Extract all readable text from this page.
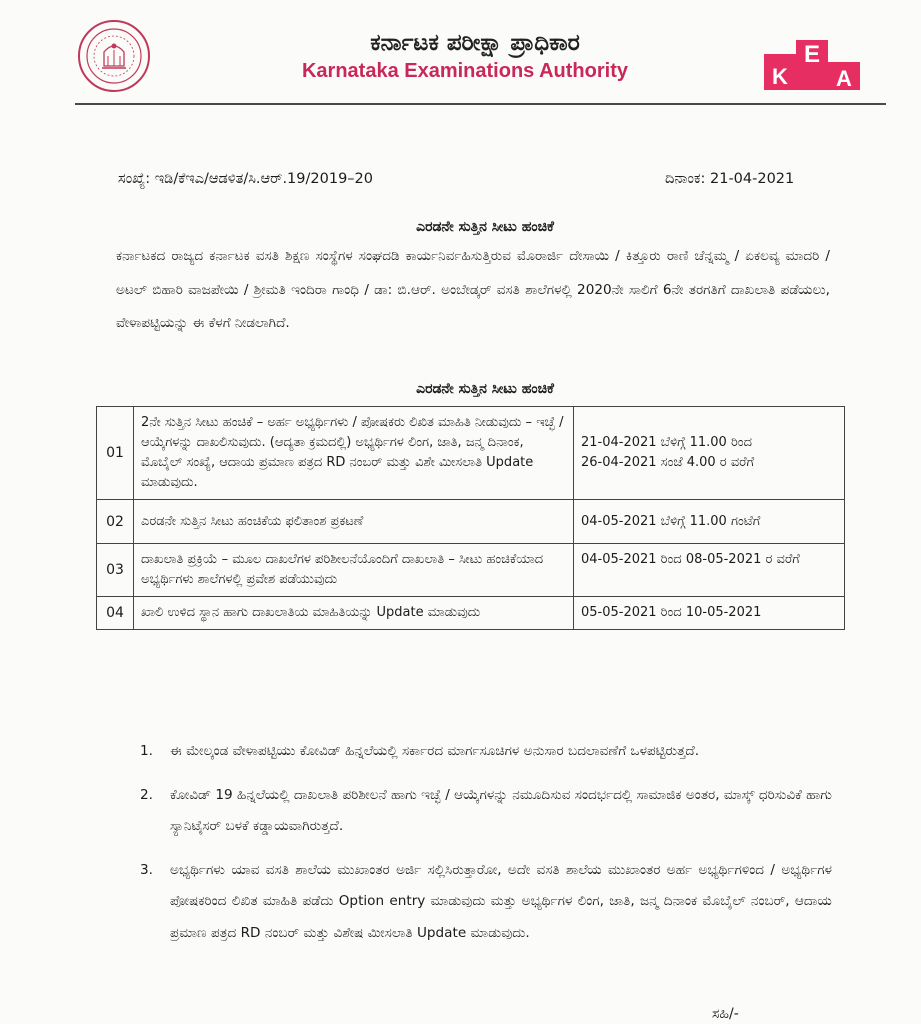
ಕರ್ನಾಟಕ ಪರೀಕ್ಷಾ ಪ್ರಾಧಿಕಾರ
Karnataka Examinations Authority	K
E
A
ಸಂಖ್ಯೆ: ಇಡಿ/ಕೆಇಎ/ಆಡಳಿತ/ಸಿ.ಆರ್.19/2019–20	ದಿನಾಂಕ: 21-04-2021
ಎರಡನೇ ಸುತ್ತಿನ ಸೀಟು ಹಂಚಿಕೆ
ಕರ್ನಾಟಕದ ರಾಜ್ಯದ ಕರ್ನಾಟಕ ವಸತಿ ಶಿಕ್ಷಣ ಸಂಸ್ಥೆಗಳ ಸಂಘದಡಿ ಕಾರ್ಯನಿರ್ವಹಿಸುತ್ತಿರುವ ಮೊರಾರ್ಜಿ ದೇಸಾಯಿ / ಕಿತ್ತೂರು ರಾಣಿ ಚೆನ್ನಮ್ಮ / ಏಕಲವ್ಯ ಮಾದರಿ / ಅಟಲ್ ಬಿಹಾರಿ ವಾಜಪೇಯಿ / ಶ್ರೀಮತಿ ಇಂದಿರಾ ಗಾಂಧಿ / ಡಾ: ಬಿ.ಆರ್. ಅಂಬೇಡ್ಕರ್ ವಸತಿ ಶಾಲೆಗಳಲ್ಲಿ 2020ನೇ ಸಾಲಿಗೆ 6ನೇ ತರಗತಿಗೆ ದಾಖಲಾತಿ ಪಡೆಯಲು, ವೇಳಾಪಟ್ಟಿಯನ್ನು ಈ ಕೆಳಗೆ ನೀಡಲಾಗಿದೆ.
ಎರಡನೇ ಸುತ್ತಿನ ಸೀಟು ಹಂಚಿಕೆ
01	2ನೇ ಸುತ್ತಿನ ಸೀಟು ಹಂಚಿಕೆ – ಅರ್ಹ ಅಭ್ಯರ್ಥಿಗಳು / ಪೋಷಕರು ಲಿಖಿತ ಮಾಹಿತಿ ನೀಡುವುದು – ಇಚ್ಛೆ / ಆಯ್ಕೆಗಳನ್ನು ದಾಖಲಿಸುವುದು. (ಆದ್ಯತಾ ಕ್ರಮದಲ್ಲಿ) ಅಭ್ಯರ್ಥಿಗಳ ಲಿಂಗ, ಜಾತಿ, ಜನ್ಮ ದಿನಾಂಕ, ಮೊಬೈಲ್ ಸಂಖ್ಯೆ, ಆದಾಯ ಪ್ರಮಾಣ ಪತ್ರದ RD ನಂಬರ್ ಮತ್ತು ವಿಶೇ ಮೀಸಲಾತಿ Update ಮಾಡುವುದು.	21-04-2021 ಬೆಳಿಗ್ಗೆ 11.00 ರಿಂದ
26-04-2021 ಸಂಜೆ 4.00 ರ ವರೆಗೆ

02	ಎರಡನೇ ಸುತ್ತಿನ ಸೀಟು ಹಂಚಿಕೆಯ ಫಲಿತಾಂಶ ಪ್ರಕಟಣೆ	04-05-2021 ಬೆಳಿಗ್ಗೆ 11.00 ಗಂಟೆಗೆ
03	ದಾಖಲಾತಿ ಪ್ರಕ್ರಿಯೆ – ಮೂಲ ದಾಖಲೆಗಳ ಪರಿಶೀಲನೆಯೊಂದಿಗೆ ದಾಖಲಾತಿ – ಸೀಟು ಹಂಚಿಕೆಯಾದ ಅಭ್ಯರ್ಥಿಗಳು ಶಾಲೆಗಳಲ್ಲಿ ಪ್ರವೇಶ ಪಡೆಯುವುದು	04-05-2021 ರಿಂದ 08-05-2021 ರ ವರೆಗೆ
04	ಖಾಲಿ ಉಳಿದ ಸ್ಥಾನ ಹಾಗು ದಾಖಲಾತಿಯ ಮಾಹಿತಿಯನ್ನು Update ಮಾಡುವುದು	05-05-2021 ರಿಂದ 10-05-2021
1.	ಈ ಮೇಲ್ಕಂಡ ವೇಳಾಪಟ್ಟಿಯು ಕೋವಿಡ್ ಹಿನ್ನಲೆಯಲ್ಲಿ ಸರ್ಕಾರದ ಮಾರ್ಗಸೂಚಿಗಳ ಅನುಸಾರ ಬದಲಾವಣೆಗೆ ಒಳಪಟ್ಟಿರುತ್ತದೆ.
2.	ಕೋವಿಡ್ 19 ಹಿನ್ನಲೆಯಲ್ಲಿ ದಾಖಲಾತಿ ಪರಿಶೀಲನೆ ಹಾಗು ಇಚ್ಛೆ / ಆಯ್ಕೆಗಳನ್ನು ನಮೂದಿಸುವ ಸಂದರ್ಭದಲ್ಲಿ ಸಾಮಾಜಿಕ ಅಂತರ, ಮಾಸ್ಕ್ ಧರಿಸುವಿಕೆ ಹಾಗು ಸ್ಯಾನಿಟೈಸರ್ ಬಳಕೆ ಕಡ್ಡಾಯವಾಗಿರುತ್ತದೆ.
3.	ಅಭ್ಯರ್ಥಿಗಳು ಯಾವ ವಸತಿ ಶಾಲೆಯ ಮುಖಾಂತರ ಅರ್ಜಿ ಸಲ್ಲಿಸಿರುತ್ತಾರೋ, ಅದೇ ವಸತಿ ಶಾಲೆಯ ಮುಖಾಂತರ ಅರ್ಹ ಅಭ್ಯರ್ಥಿಗಳಿಂದ / ಅಭ್ಯರ್ಥಿಗಳ ಪೋಷಕರಿಂದ ಲಿಖಿತ ಮಾಹಿತಿ ಪಡೆದು Option entry ಮಾಡುವುದು ಮತ್ತು ಅಭ್ಯರ್ಥಿಗಳ ಲಿಂಗ, ಜಾತಿ, ಜನ್ಮ ದಿನಾಂಕ ಮೊಬೈಲ್ ನಂಬರ್, ಆದಾಯ ಪ್ರಮಾಣ ಪತ್ರದ RD ನಂಬರ್ ಮತ್ತು ವಿಶೇಷ ಮೀಸಲಾತಿ Update ಮಾಡುವುದು.
ಸಹಿ/-
